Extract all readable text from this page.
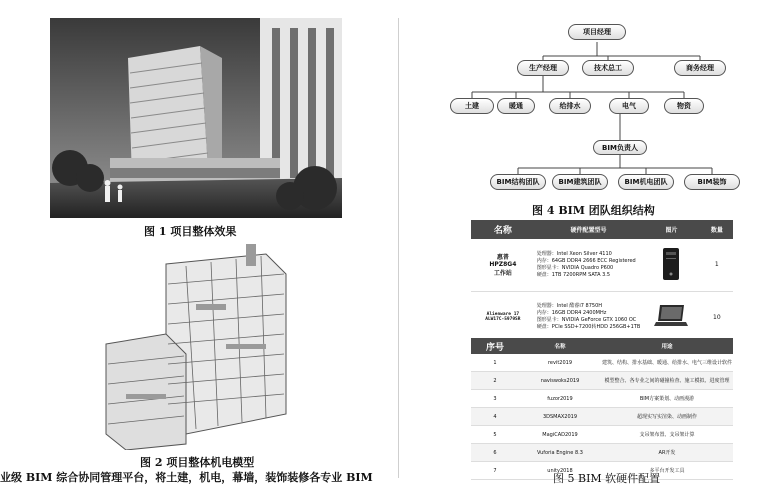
图 1 项目整体效果
图 2 项目整体机电模型
业级 BIM 综合协同管理平台，将土建，机电，幕墙，装饰装修各专业 BIM
项目经理
生产经理	技术总工	商务经理
土建	暖通	给排水	电气	物资
BIM负责人
BIM结构团队	BIM建筑团队	BIM机电团队	BIM装饰
图 4 BIM 团队组织结构
名称	硬件配置型号	图片	数量

惠普
HPZ8G4
工作站	处理器：Intel Xeon Silver 4110
内存：64GB DDR4 2666 ECC Registered
图形显卡：NVIDIA Quadro P600
硬盘：1TB 7200RPM SATA 3.5		1

Alienware 17
ALW17C-5979SR	处理器：Intel 酷睿i7 8750H
内存：16GB DDR4 2400MHz
图形显卡：NVIDIA GeForce GTX 1060 OC
硬盘：PCIe SSD+7200转HDD 256GB+1TB		10
序号	名称	用途
1	revit2019	建筑、结构、排水基础、暖通、给排水、电气三维设计软件
2	naviswoks2019	模型整合、各专业之间的碰撞检查、施工模拟、进度管理
3	fuzor2019	BIM方案策划、动画漫游
4	3DSMAX2019	超现实写实渲染、动画制作
5	MagiCAD2019	支吊架布置、支吊架计算
6	Vuforia Engine 8.3	AR开发
7	unity2018	多平台开发工具
图 5 BIM 软硬件配置
